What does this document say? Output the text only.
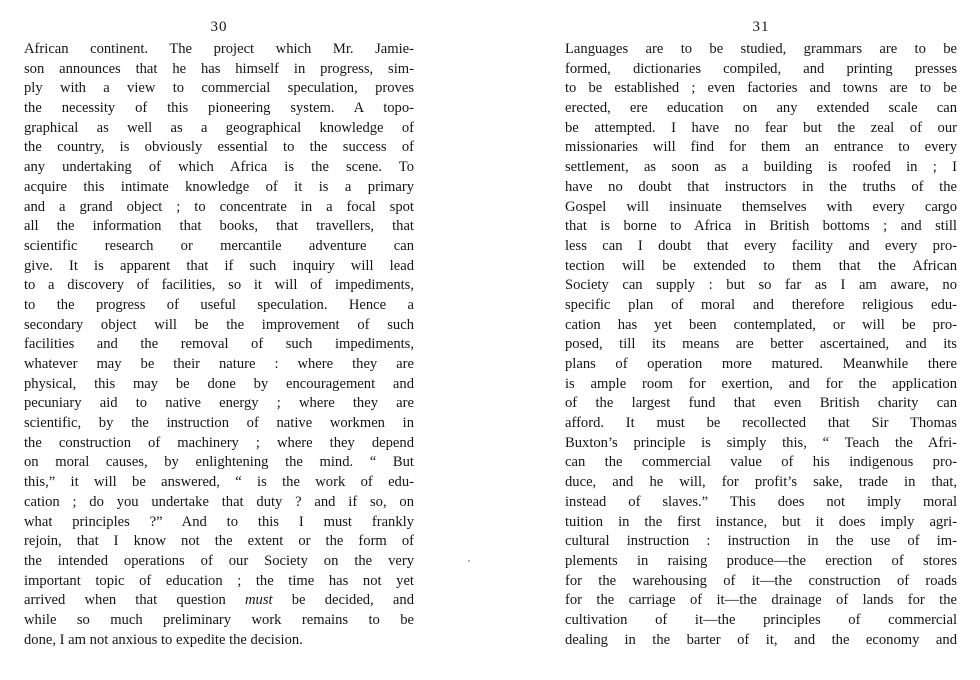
30
African continent. The project which Mr. Jamie-
son announces that he has himself in progress, sim-
ply with a view to commercial speculation, proves
the necessity of this pioneering system. A topo-
graphical as well as a geographical knowledge of
the country, is obviously essential to the success of
any undertaking of which Africa is the scene. To
acquire this intimate knowledge of it is a primary
and a grand object ; to concentrate in a focal spot
all the information that books, that travellers, that
scientific research or mercantile adventure can
give. It is apparent that if such inquiry will lead
to a discovery of facilities, so it will of impediments,
to the progress of useful speculation. Hence a
secondary object will be the improvement of such
facilities and the removal of such impediments,
whatever may be their nature : where they are
physical, this may be done by encouragement and
pecuniary aid to native energy ; where they are
scientific, by the instruction of native workmen in
the construction of machinery ; where they depend
on moral causes, by enlightening the mind. “ But
this,” it will be answered, “ is the work of edu-
cation ; do you undertake that duty ? and if so, on
what principles ?” And to this I must frankly
rejoin, that I know not the extent or the form of
the intended operations of our Society on the very
important topic of education ; the time has not yet
arrived when that question must be decided, and
while so much preliminary work remains to be
done, I am not anxious to expedite the decision.
31
Languages are to be studied, grammars are to be
formed, dictionaries compiled, and printing presses
to be established ; even factories and towns are to be
erected, ere education on any extended scale can
be attempted. I have no fear but the zeal of our
missionaries will find for them an entrance to every
settlement, as soon as a building is roofed in ; I
have no doubt that instructors in the truths of the
Gospel will insinuate themselves with every cargo
that is borne to Africa in British bottoms ; and still
less can I doubt that every facility and every pro-
tection will be extended to them that the African
Society can supply : but so far as I am aware, no
specific plan of moral and therefore religious edu-
cation has yet been contemplated, or will be pro-
posed, till its means are better ascertained, and its
plans of operation more matured. Meanwhile there
is ample room for exertion, and for the application
of the largest fund that even British charity can
afford. It must be recollected that Sir Thomas
Buxton’s principle is simply this, “ Teach the Afri-
can the commercial value of his indigenous pro-
duce, and he will, for profit’s sake, trade in that,
instead of slaves.” This does not imply moral
tuition in the first instance, but it does imply agri-
cultural instruction : instruction in the use of im-
plements in raising produce—the erection of stores
for the warehousing of it—the construction of roads
for the carriage of it—the drainage of lands for the
cultivation of it—the principles of commercial
dealing in the barter of it, and the economy and
